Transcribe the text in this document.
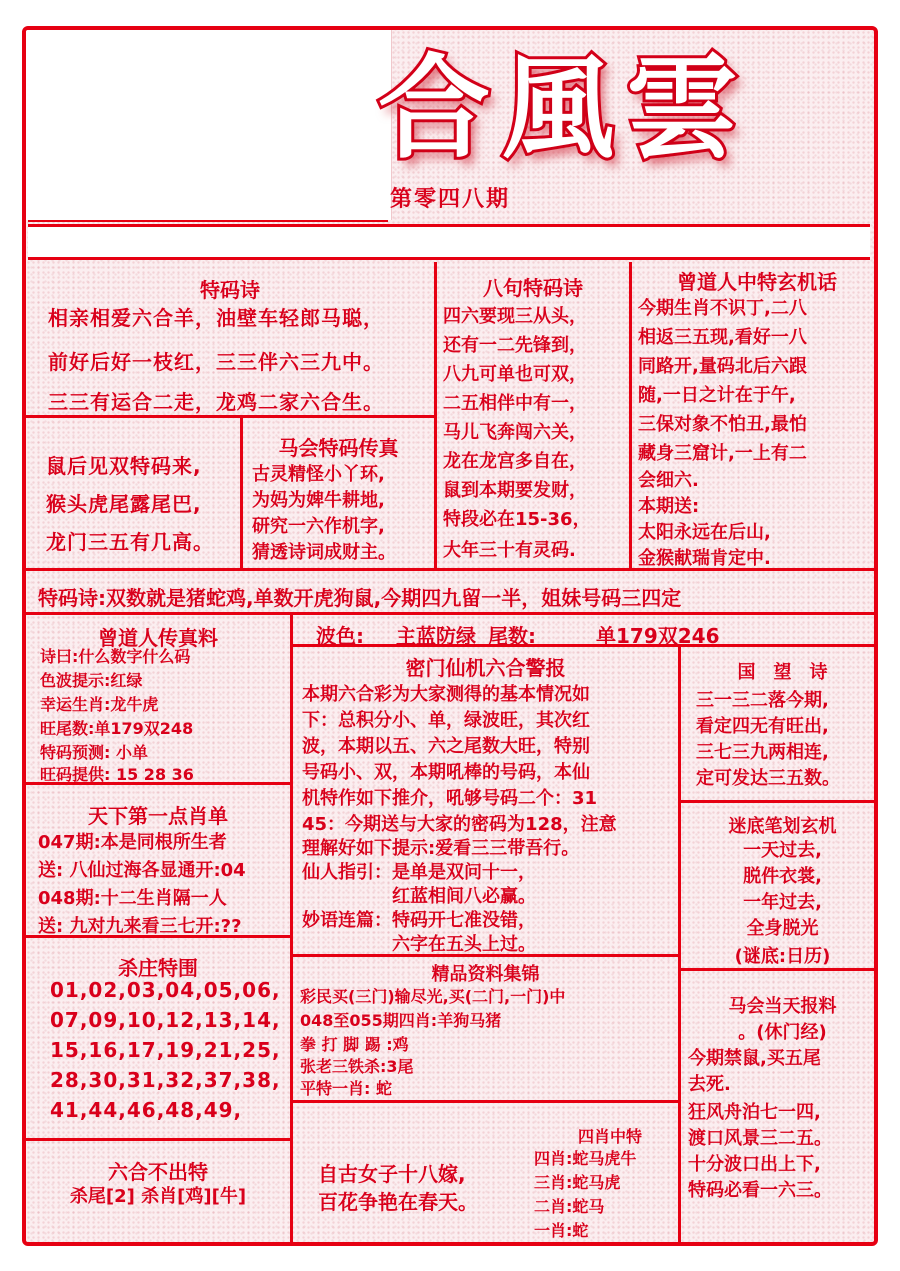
合風雲
第零四八期
特码诗
相亲相爱六合羊，油壁车轻郎马聪，
前好后好一枝红，三三伴六三九中。
三三有运合二走，龙鸡二家六合生。
八句特码诗
四六要现三从头，
还有一二先锋到，
八九可单也可双，
二五相伴中有一，
马儿飞奔闯六关，
龙在龙宫多自在，
鼠到本期要发财，
特段必在15-36，
大年三十有灵码.
曾道人中特玄机话
今期生肖不识丁,二八
相返三五现,看好一八
同路开,量码北后六跟
随,一日之计在于午,
三保对象不怕丑,最怕
藏身三窟计,一上有二
会细六.
本期送:
太阳永远在后山,
金猴献瑞肯定中.
鼠后见双特码来,
猴头虎尾露尾巴,
龙门三五有几高。
马会特码传真
古灵精怪小丫环,
为妈为婢牛耕地,
研究一六作机字,
猜透诗词成财主。
特码诗:双数就是猪蛇鸡,单数开虎狗鼠,今期四九留一半，姐妹号码三四定
曾道人传真料
诗曰:什么数字什么码
色波提示:红绿
幸运生肖:龙牛虎
旺尾数:单179双248
特码预测: 小单
旺码提供: 15 28 36
波色: 主蓝防绿 尾数:	单179双246
密门仙机六合警报
本期六合彩为大家测得的基本情况如
下：总积分小、单，绿波旺，其次红
波，本期以五、六之尾数大旺，特别
号码小、双，本期吼棒的号码，本仙
机特作如下推介，吼够号码二个：31
45：今期送与大家的密码为128，注意
理解好如下提示:爱看三三带吾行。
仙人指引：是单是双问十一，
　　　　　红蓝相间八必赢。
妙语连篇：特码开七准没错，
　　　　　六字在五头上过。
国　望　诗
三一三二落今期,
看定四无有旺出,
三七三九两相连,
定可发达三五数。
天下第一点肖单
047期:本是同根所生者
送: 八仙过海各显通开:04
048期:十二生肖隔一人
送: 九对九来看三七开:??
迷底笔划玄机
一天过去,
脱件衣裳,
一年过去,
全身脱光
(谜底:日历)
杀庄特围
01,02,03,04,05,06,
07,09,10,12,13,14,
15,16,17,19,21,25,
28,30,31,32,37,38,
41,44,46,48,49,
精品资料集锦
彩民买(三门)输尽光,买(二门,一门)中
048至055期四肖:羊狗马猪
拳 打 脚 踢 :鸡
张老三铁杀:3尾
平特一肖: 蛇
马会当天报料
。(休门经)
今期禁鼠,买五尾
去死.
狂风舟泊七一四,
渡口风景三二五。
十分波口出上下,
特码必看一六三。
六合不出特
杀尾[2] 杀肖[鸡][牛]
自古女子十八嫁,
百花争艳在春天。
四肖中特
四肖:蛇马虎牛
三肖:蛇马虎
二肖:蛇马
一肖:蛇
